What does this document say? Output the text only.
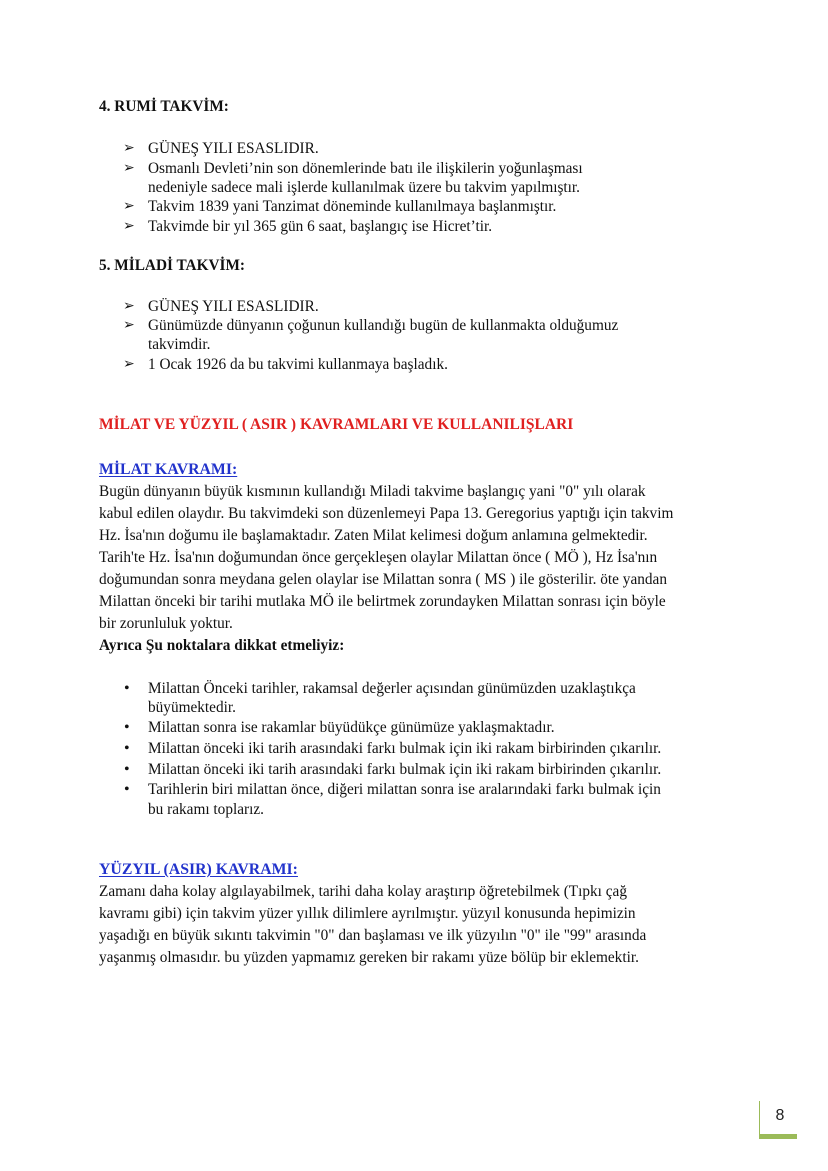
4. RUMİ TAKVİM:
➢ GÜNEŞ YILI ESASLIDIR.
➢ Osmanlı Devleti’nin son dönemlerinde batı ile ilişkilerin yoğunlaşması
nedeniyle sadece mali işlerde kullanılmak üzere bu takvim yapılmıştır.
➢ Takvim 1839 yani Tanzimat döneminde kullanılmaya başlanmıştır.
➢ Takvimde bir yıl 365 gün 6 saat, başlangıç ise Hicret’tir.
5. MİLADİ TAKVİM:
➢ GÜNEŞ YILI ESASLIDIR.
➢ Günümüzde dünyanın çoğunun kullandığı bugün de kullanmakta olduğumuz
takvimdir.
➢ 1 Ocak 1926 da bu takvimi kullanmaya başladık.
MİLAT VE YÜZYIL ( ASIR ) KAVRAMLARI VE KULLANILIŞLARI
MİLAT KAVRAMI:
Bugün dünyanın büyük kısmının kullandığı Miladi takvime başlangıç yani "0" yılı olarak
kabul edilen olaydır. Bu takvimdeki son düzenlemeyi Papa 13. Geregorius yaptığı için takvim
Hz. İsa'nın doğumu ile başlamaktadır. Zaten Milat kelimesi doğum anlamına gelmektedir.
Tarih'te Hz. İsa'nın doğumundan önce gerçekleşen olaylar Milattan önce ( MÖ ), Hz İsa'nın
doğumundan sonra meydana gelen olaylar ise Milattan sonra ( MS ) ile gösterilir. öte yandan
Milattan önceki bir tarihi mutlaka MÖ ile belirtmek zorundayken Milattan sonrası için böyle
bir zorunluluk yoktur.
Ayrıca Şu noktalara dikkat etmeliyiz:
• Milattan Önceki tarihler, rakamsal değerler açısından günümüzden uzaklaştıkça
büyümektedir.
• Milattan sonra ise rakamlar büyüdükçe günümüze yaklaşmaktadır.
• Milattan önceki iki tarih arasındaki farkı bulmak için iki rakam birbirinden çıkarılır.
• Milattan önceki iki tarih arasındaki farkı bulmak için iki rakam birbirinden çıkarılır.
• Tarihlerin biri milattan önce, diğeri milattan sonra ise aralarındaki farkı bulmak için
bu rakamı toplarız.
YÜZYIL (ASIR) KAVRAMI:
Zamanı daha kolay algılayabilmek, tarihi daha kolay araştırıp öğretebilmek (Tıpkı çağ
kavramı gibi) için takvim yüzer yıllık dilimlere ayrılmıştır. yüzyıl konusunda hepimizin
yaşadığı en büyük sıkıntı takvimin "0" dan başlaması ve ilk yüzyılın "0" ile "99" arasında
yaşanmış olmasıdır. bu yüzden yapmamız gereken bir rakamı yüze bölüp bir eklemektir.
8
